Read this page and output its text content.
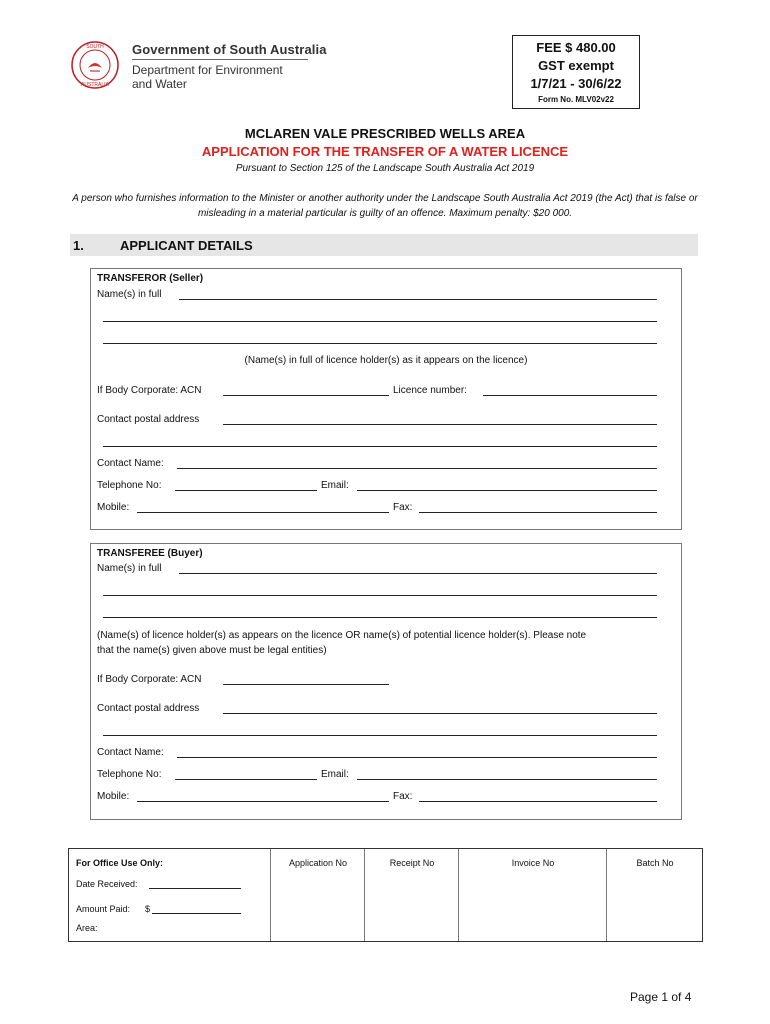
SOUTH
AUSTRALIA
Government of South Australia
Department for Environment and Water
FEE $ 480.00
GST exempt
1/7/21 - 30/6/22
Form No. MLV02v22
MCLAREN VALE PRESCRIBED WELLS AREA
APPLICATION FOR THE TRANSFER OF A WATER LICENCE
Pursuant to Section 125 of the Landscape South Australia Act 2019
A person who furnishes information to the Minister or another authority under the Landscape South Australia Act 2019 (the Act) that is false or misleading in a material particular is guilty of an offence. Maximum penalty: $20 000.
1.	APPLICANT DETAILS
TRANSFEROR (Seller)
Name(s) in full
(Name(s) in full of licence holder(s) as it appears on the licence)
If Body Corporate: ACN	Licence number:
Contact postal address
Contact Name:
Telephone No:	Email:
Mobile:	Fax:
TRANSFEREE (Buyer)
Name(s) in full
(Name(s) of licence holder(s) as appears on the licence OR name(s) of potential licence holder(s). Please note
that the name(s) given above must be legal entities)
If Body Corporate: ACN
Contact postal address
Contact Name:
Telephone No:	Email:
Mobile:	Fax:
For Office Use Only:
Date Received:
Amount Paid: $
Area:
Application No	Receipt No	Invoice No	Batch No
Page 1 of 4
